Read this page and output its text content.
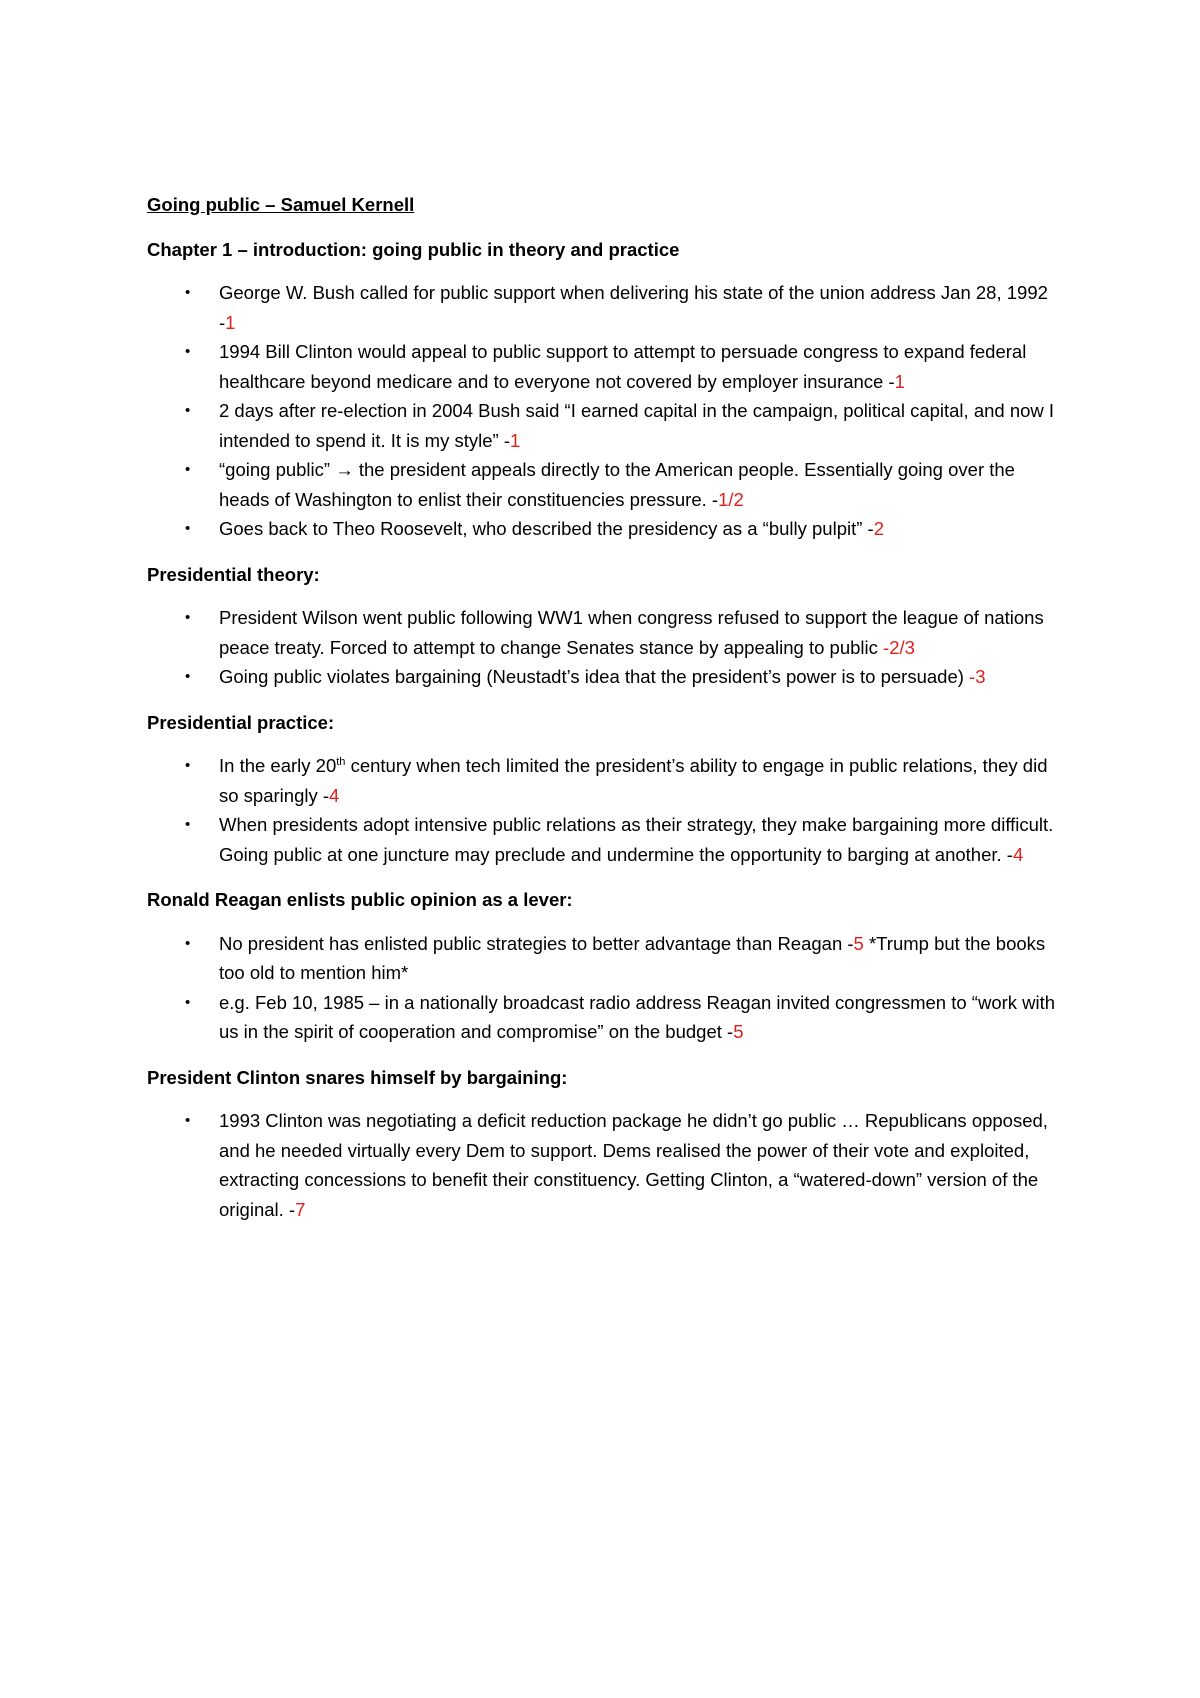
Going public – Samuel Kernell
Chapter 1 – introduction: going public in theory and practice
• George W. Bush called for public support when delivering his state of the union address Jan 28, 1992 -1
• 1994 Bill Clinton would appeal to public support to attempt to persuade congress to expand federal healthcare beyond medicare and to everyone not covered by employer insurance -1
• 2 days after re-election in 2004 Bush said “I earned capital in the campaign, political capital, and now I intended to spend it. It is my style” -1
• “going public” → the president appeals directly to the American people. Essentially going over the heads of Washington to enlist their constituencies pressure. -1/2
• Goes back to Theo Roosevelt, who described the presidency as a “bully pulpit” -2
Presidential theory:
• President Wilson went public following WW1 when congress refused to support the league of nations peace treaty. Forced to attempt to change Senates stance by appealing to public -2/3
• Going public violates bargaining (Neustadt’s idea that the president’s power is to persuade) -3
Presidential practice:
• In the early 20th century when tech limited the president’s ability to engage in public relations, they did so sparingly -4
• When presidents adopt intensive public relations as their strategy, they make bargaining more difficult. Going public at one juncture may preclude and undermine the opportunity to barging at another. -4
Ronald Reagan enlists public opinion as a lever:
• No president has enlisted public strategies to better advantage than Reagan -5 *Trump but the books too old to mention him*
• e.g. Feb 10, 1985 – in a nationally broadcast radio address Reagan invited congressmen to “work with us in the spirit of cooperation and compromise” on the budget -5
President Clinton snares himself by bargaining:
• 1993 Clinton was negotiating a deficit reduction package he didn’t go public … Republicans opposed, and he needed virtually every Dem to support. Dems realised the power of their vote and exploited, extracting concessions to benefit their constituency. Getting Clinton, a “watered-down” version of the original. -7
